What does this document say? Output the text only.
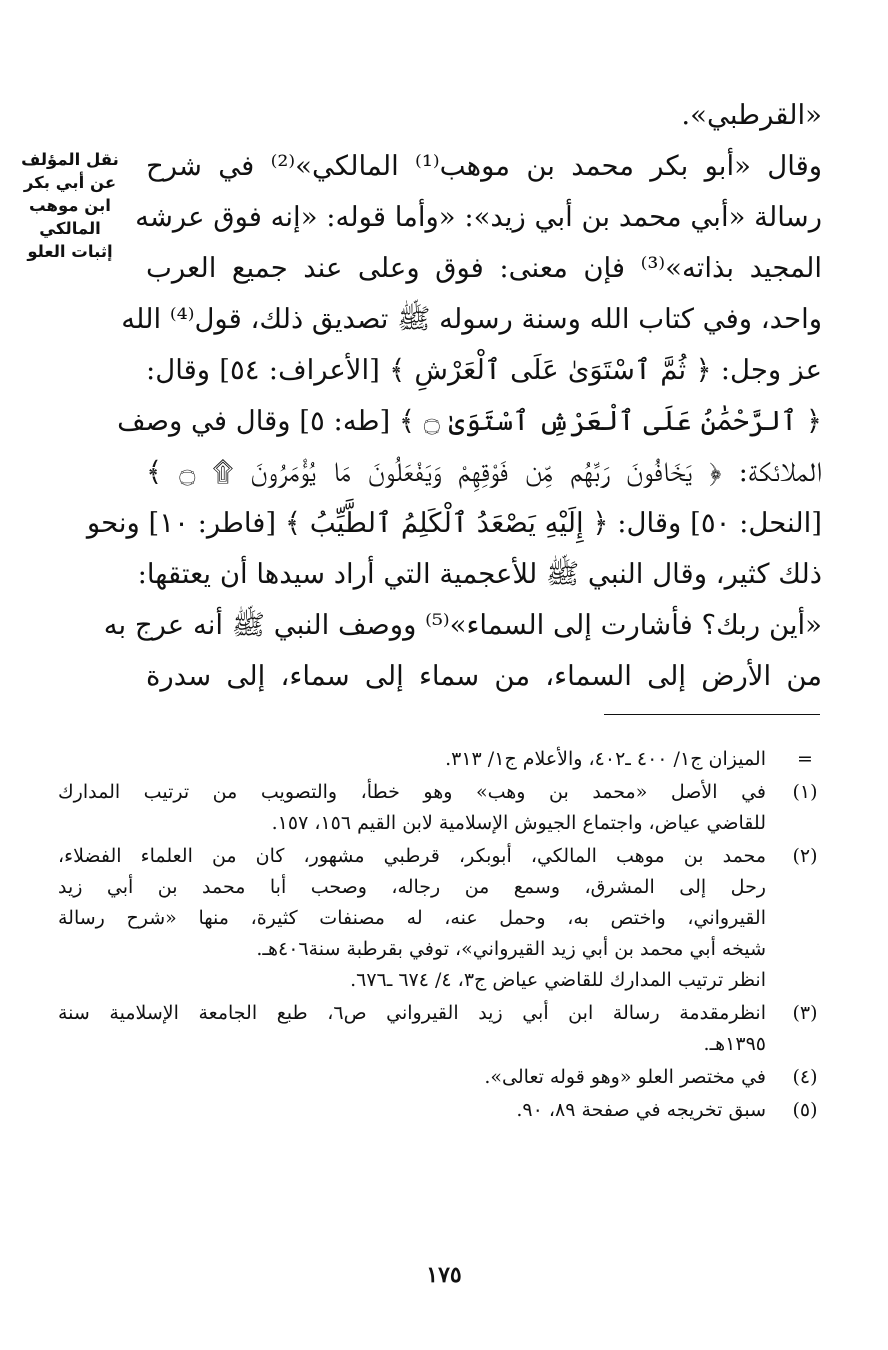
نقل المؤلف
عن أبي بكر
ابن موهب
المالكي
إثبات العلو
«القرطبي».
وقال «أبو بكر محمد بن موهب⁽¹⁾ المالكي»⁽²⁾ في شرح
رسالة «أبي محمد بن أبي زيد»: «وأما قوله: «إنه فوق عرشه
المجيد بذاته»⁽³⁾ فإن معنى: فوق وعلى عند جميع العرب
واحد، وفي كتاب الله وسنة رسوله ﷺ تصديق ذلك، قول⁽⁴⁾ الله
عز وجل: ﴿ ثُمَّ ٱسْتَوَىٰ عَلَى ٱلْعَرْشِ ﴾ [الأعراف: ٥٤] وقال:
﴿ ٱلرَّحْمَٰنُ عَلَى ٱلْعَرْشِ ٱسْتَوَىٰ ۝ ﴾ [طه: ٥] وقال في وصف
الملائكة: ﴿ يَخَافُونَ رَبَّهُم مِّن فَوْقِهِمْ وَيَفْعَلُونَ مَا يُؤْمَرُونَ ۩ ۝ ﴾
[النحل: ٥٠] وقال: ﴿ إِلَيْهِ يَصْعَدُ ٱلْكَلِمُ ٱلطَّيِّبُ ﴾ [فاطر: ١٠] ونحو
ذلك كثير، وقال النبي ﷺ للأعجمية التي أراد سيدها أن يعتقها:
«أين ربك؟ فأشارت إلى السماء»⁽⁵⁾ ووصف النبي ﷺ أنه عرج به
من الأرض إلى السماء، من سماء إلى سماء، إلى سدرة
=
الميزان ج١/ ٤٠٠ ـ٤٠٢، والأعلام ج١/ ٣١٣.
(١)
في الأصل «محمد بن وهب» وهو خطأ، والتصويب من ترتيب المدارك
للقاضي عياض، واجتماع الجيوش الإسلامية لابن القيم ١٥٦، ١٥٧.
(٢)
محمد بن موهب المالكي، أبوبكر، قرطبي مشهور، كان من العلماء الفضلاء،
رحل إلى المشرق، وسمع من رجاله، وصحب أبا محمد بن أبي زيد
القيرواني، واختص به، وحمل عنه، له مصنفات كثيرة، منها «شرح رسالة
شيخه أبي محمد بن أبي زيد القيرواني»، توفي بقرطبة سنة٤٠٦هـ.
انظر ترتيب المدارك للقاضي عياض ج٣، ٤/ ٦٧٤ ـ٦٧٦.
(٣)
انظرمقدمة رسالة ابن أبي زيد القيرواني ص٦، طبع الجامعة الإسلامية سنة
١٣٩٥هـ.
(٤)
في مختصر العلو «وهو قوله تعالى».
(٥)
سبق تخريجه في صفحة ٨٩، ٩٠.
١٧٥
